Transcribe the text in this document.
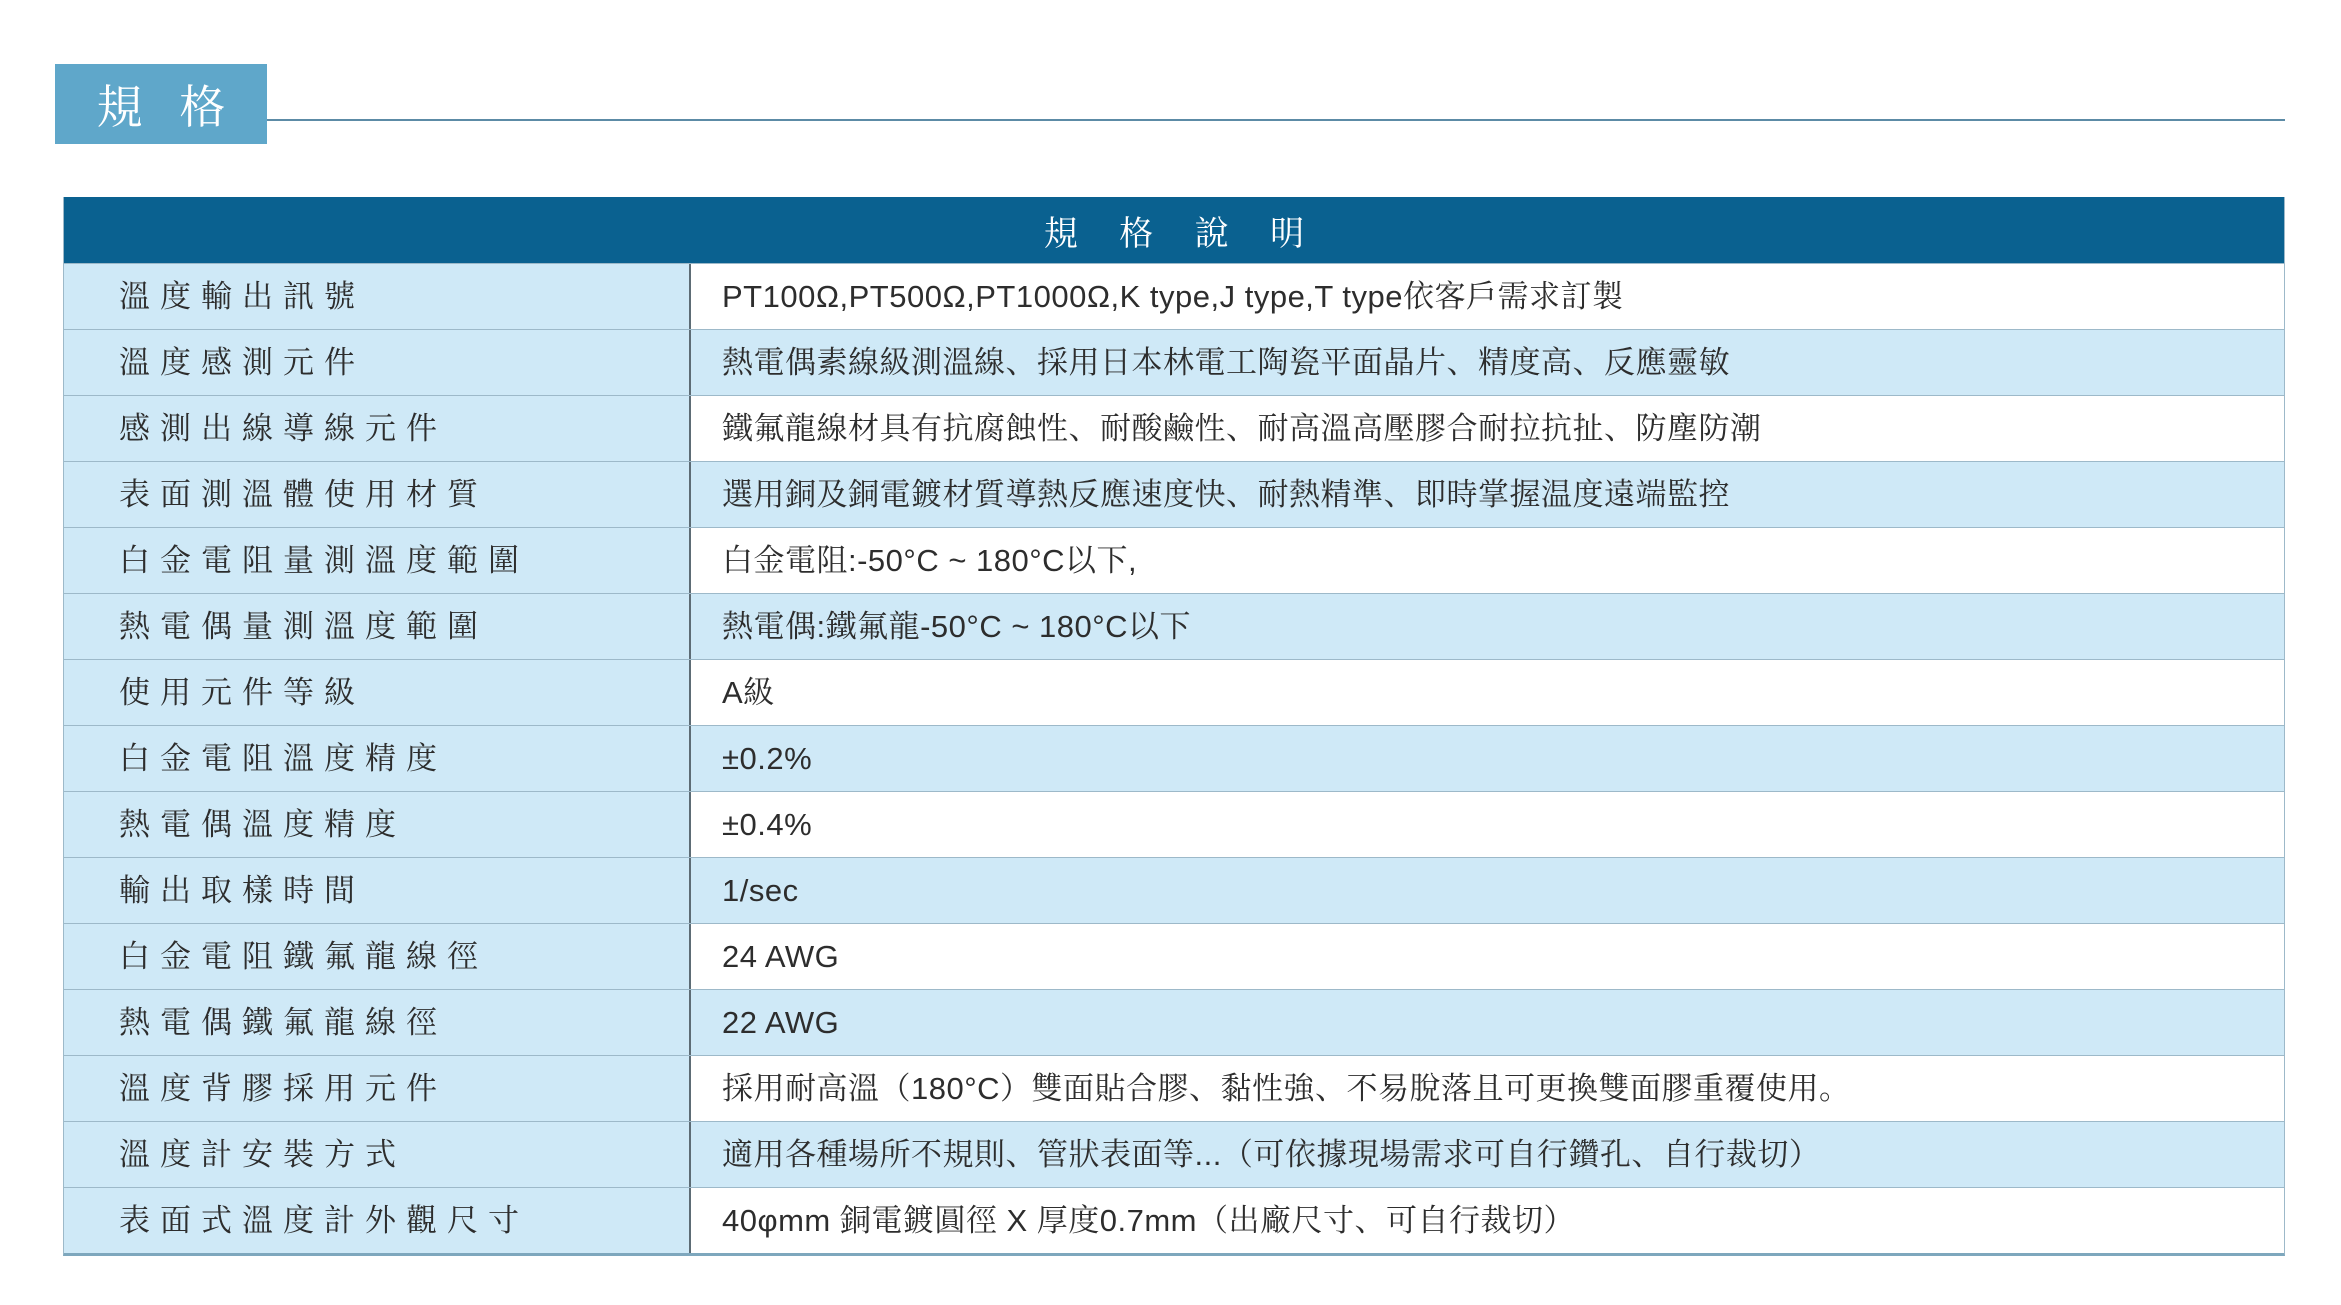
規 格
規 格 說 明
溫度輸出訊號	PT100Ω,PT500Ω,PT1000Ω,K type,J type,T type依客戶需求訂製
溫度感測元件	熱電偶素線級測溫線、採用日本林電工陶瓷平面晶片、精度高、反應靈敏
感測出線導線元件	鐵氟龍線材具有抗腐蝕性、耐酸鹼性、耐高溫高壓膠合耐拉抗扯、防塵防潮
表面測溫體使用材質	選用銅及銅電鍍材質導熱反應速度快、耐熱精準、即時掌握温度遠端監控
白金電阻量測溫度範圍	白金電阻:-50°C ~ 180°C以下,
熱電偶量測溫度範圍	熱電偶:鐵氟龍-50°C ~ 180°C以下
使用元件等級	A級
白金電阻溫度精度	±0.2%
熱電偶溫度精度	±0.4%
輸出取樣時間	1/sec
白金電阻鐵氟龍線徑	24 AWG
熱電偶鐵氟龍線徑	22 AWG
溫度背膠採用元件	採用耐高溫（180°C）雙面貼合膠、黏性強、不易脫落且可更換雙面膠重覆使用。
溫度計安裝方式	適用各種場所不規則、管狀表面等...（可依據現場需求可自行鑽孔、自行裁切）
表面式溫度計外觀尺寸	40φmm 銅電鍍圓徑 X 厚度0.7mm（出廠尺寸、可自行裁切）
